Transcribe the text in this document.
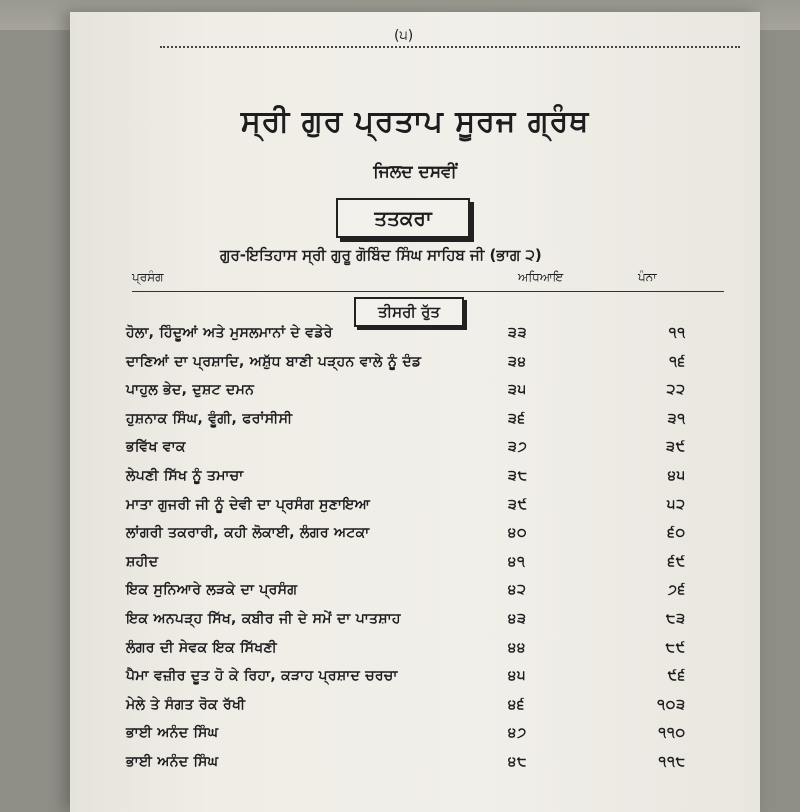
(੫)
ਸ੍ਰੀ ਗੁਰ ਪ੍ਰਤਾਪ ਸੂਰਜ ਗ੍ਰੰਥ
ਜਿਲਦ ਦਸਵੀਂ
ਤਤਕਰਾ
ਗੁਰ-ਇਤਿਹਾਸ ਸ੍ਰੀ ਗੁਰੂ ਗੋਬਿੰਦ ਸਿੰਘ ਸਾਹਿਬ ਜੀ (ਭਾਗ ੨)
ਪ੍ਰਸੰਗ	ਅਧਿਆਇ	ਪੰਨਾ
ਤੀਸਰੀ ਰੁੱਤ
ਹੋਲਾ, ਹਿੰਦੂਆਂ ਅਤੇ ਮੁਸਲਮਾਨਾਂ ਦੇ ਵਡੇਰੇ	੩੩	੧੧
ਦਾਣਿਆਂ ਦਾ ਪ੍ਰਸ਼ਾਦਿ, ਅਸ਼ੁੱਧ ਬਾਣੀ ਪੜ੍ਹਨ ਵਾਲੇ ਨੂੰ ਦੰਡ	੩੪	੧੬
ਪਾਹੁਲ ਭੇਦ, ਦੁਸ਼ਟ ਦਮਨ	੩੫	੨੨
ਹੁਸ਼ਨਾਕ ਸਿੰਘ, ਵੂੰਗੀ, ਫਰਾਂਸੀਸੀ	੩੬	੩੧
ਭਵਿੱਖ ਵਾਕ	੩੭	੩੯
ਲੇਪਣੀ ਸਿੱਖ ਨੂੰ ਤਮਾਚਾ	੩੮	੪੫
ਮਾਤਾ ਗੁਜਰੀ ਜੀ ਨੂੰ ਦੇਵੀ ਦਾ ਪ੍ਰਸੰਗ ਸੁਣਾਇਆ	੩੯	੫੨
ਲਾਂਗਰੀ ਤਕਰਾਰੀ, ਕਹੀ ਲੋਕਾਈ, ਲੰਗਰ ਅਟਕਾ	੪੦	੬੦
ਸ਼ਹੀਦ	੪੧	੬੯
ਇਕ ਸੁਨਿਆਰੇ ਲੜਕੇ ਦਾ ਪ੍ਰਸੰਗ	੪੨	੭੬
ਇਕ ਅਨਪੜ੍ਹ ਸਿੱਖ, ਕਬੀਰ ਜੀ ਦੇ ਸਮੇਂ ਦਾ ਪਾਤਸ਼ਾਹ	੪੩	੮੩
ਲੰਗਰ ਦੀ ਸੇਵਕ ਇਕ ਸਿੱਖਣੀ	੪੪	੮੯
ਪੈਮਾ ਵਜ਼ੀਰ ਦੂਤ ਹੋ ਕੇ ਰਿਹਾ, ਕੜਾਹ ਪ੍ਰਸ਼ਾਦ ਚਰਚਾ	੪੫	੯੬
ਮੇਲੇ ਤੇ ਸੰਗਤ ਰੋਕ ਰੱਖੀ	੪੬	੧੦੩
ਭਾਈ ਅਨੰਦ ਸਿੰਘ	੪੭	੧੧੦
ਭਾਈ ਅਨੰਦ ਸਿੰਘ	੪੮	੧੧੮
